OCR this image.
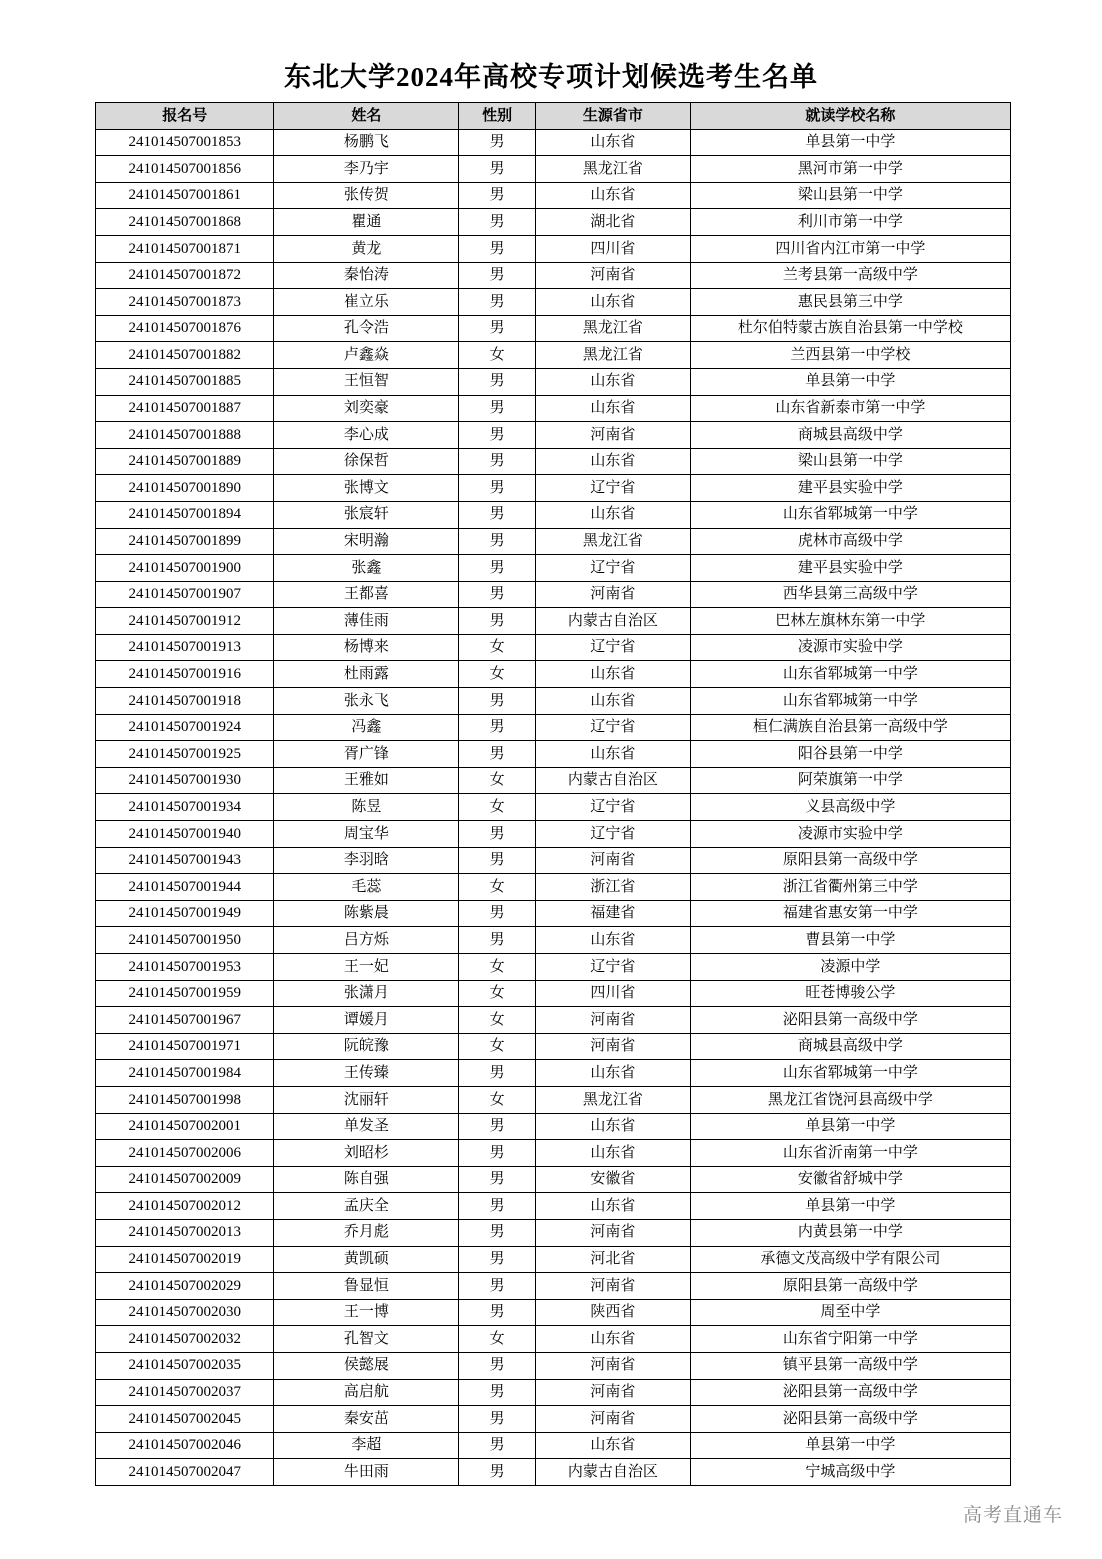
东北大学2024年高校专项计划候选考生名单
报名号	姓名	性别	生源省市	就读学校名称
241014507001853	杨鹏飞	男	山东省	单县第一中学
241014507001856	李乃宇	男	黑龙江省	黑河市第一中学
241014507001861	张传贺	男	山东省	梁山县第一中学
241014507001868	瞿通	男	湖北省	利川市第一中学
241014507001871	黄龙	男	四川省	四川省内江市第一中学
241014507001872	秦怡涛	男	河南省	兰考县第一高级中学
241014507001873	崔立乐	男	山东省	惠民县第三中学
241014507001876	孔令浩	男	黑龙江省	杜尔伯特蒙古族自治县第一中学校
241014507001882	卢鑫焱	女	黑龙江省	兰西县第一中学校
241014507001885	王恒智	男	山东省	单县第一中学
241014507001887	刘奕豪	男	山东省	山东省新泰市第一中学
241014507001888	李心成	男	河南省	商城县高级中学
241014507001889	徐保哲	男	山东省	梁山县第一中学
241014507001890	张博文	男	辽宁省	建平县实验中学
241014507001894	张宸轩	男	山东省	山东省郓城第一中学
241014507001899	宋明瀚	男	黑龙江省	虎林市高级中学
241014507001900	张鑫	男	辽宁省	建平县实验中学
241014507001907	王都喜	男	河南省	西华县第三高级中学
241014507001912	薄佳雨	男	内蒙古自治区	巴林左旗林东第一中学
241014507001913	杨博来	女	辽宁省	凌源市实验中学
241014507001916	杜雨露	女	山东省	山东省郓城第一中学
241014507001918	张永飞	男	山东省	山东省郓城第一中学
241014507001924	冯鑫	男	辽宁省	桓仁满族自治县第一高级中学
241014507001925	胥广锋	男	山东省	阳谷县第一中学
241014507001930	王雅如	女	内蒙古自治区	阿荣旗第一中学
241014507001934	陈昱	女	辽宁省	义县高级中学
241014507001940	周宝华	男	辽宁省	凌源市实验中学
241014507001943	李羽晗	男	河南省	原阳县第一高级中学
241014507001944	毛蕊	女	浙江省	浙江省衢州第三中学
241014507001949	陈紫晨	男	福建省	福建省惠安第一中学
241014507001950	吕方烁	男	山东省	曹县第一中学
241014507001953	王一妃	女	辽宁省	凌源中学
241014507001959	张潇月	女	四川省	旺苍博骏公学
241014507001967	谭媛月	女	河南省	泌阳县第一高级中学
241014507001971	阮皖豫	女	河南省	商城县高级中学
241014507001984	王传臻	男	山东省	山东省郓城第一中学
241014507001998	沈丽轩	女	黑龙江省	黑龙江省饶河县高级中学
241014507002001	单发圣	男	山东省	单县第一中学
241014507002006	刘昭杉	男	山东省	山东省沂南第一中学
241014507002009	陈自强	男	安徽省	安徽省舒城中学
241014507002012	孟庆全	男	山东省	单县第一中学
241014507002013	乔月彪	男	河南省	内黄县第一中学
241014507002019	黄凯硕	男	河北省	承德文茂高级中学有限公司
241014507002029	鲁显恒	男	河南省	原阳县第一高级中学
241014507002030	王一博	男	陕西省	周至中学
241014507002032	孔智文	女	山东省	山东省宁阳第一中学
241014507002035	侯懿展	男	河南省	镇平县第一高级中学
241014507002037	高启航	男	河南省	泌阳县第一高级中学
241014507002045	秦安茁	男	河南省	泌阳县第一高级中学
241014507002046	李超	男	山东省	单县第一中学
241014507002047	牛田雨	男	内蒙古自治区	宁城高级中学
高考直通车
